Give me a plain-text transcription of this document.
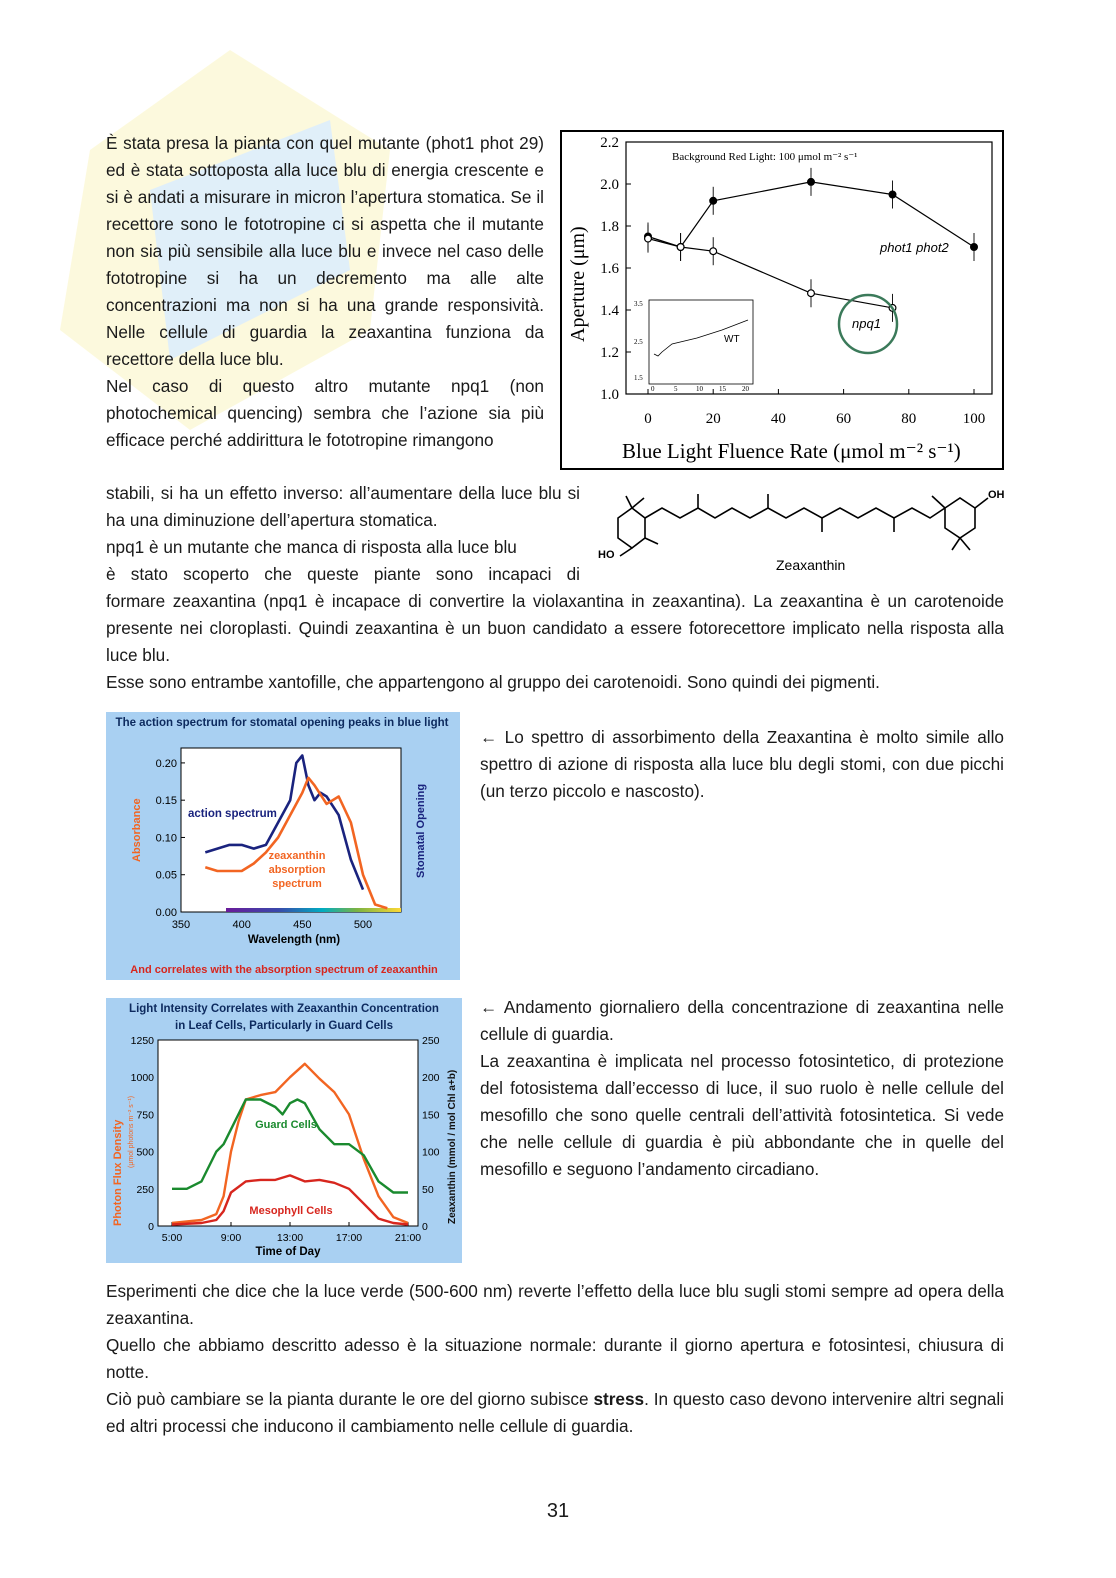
È stata presa la pianta con quel mutante (phot1 phot 29) ed è stata sottoposta alla luce blu di energia crescente e si è andati a misurare in micron l’apertura stomatica. Se il recettore sono le fototropine ci si aspetta che il mutante non sia più sensibile alla luce blu e invece nel caso delle fototropine si ha un decremento ma alle alte concentrazioni ma non si ha una grande responsività. Nelle cellule di guardia la zeaxantina funziona da recettore della luce blu.

Nel caso di questo altro mutante npq1 (non photochemical quencing) sembra che l’azione sia più efficace perché addirittura le fototropine rimangono

stabili, si ha un effetto inverso: all’aumentare della luce blu si ha una diminuzione dell’apertura stomatica.

npq1 è un mutante che manca di risposta alla luce blu

è stato scoperto che queste piante sono incapaci di

formare zeaxantina (npq1 è incapace di convertire la violaxantina in zeaxantina). La zeaxantina è un carotenoide presente nei cloroplasti. Quindi zeaxantina è un buon candidato a essere fotorecettore implicato nella risposta alla luce blu.

Esse sono entrambe xantofille, che appartengono al gruppo dei carotenoidi. Sono quindi dei pigmenti.

Background Red Light: 100 μmol m⁻² s⁻¹
2.2
2.0
1.8
1.6
1.4
1.2
1.0
0	20	40	60	80	100
Aperture (μm)
Blue Light Fluence Rate (μmol m⁻² s⁻¹)
phot1 phot2
npq1
3.5
2.5
1.5
0	5	10 15 20
WT
OH
HO
Zeaxanthin
The action spectrum for stomatal opening peaks in blue light
0.20
0.15
0.10
0.05
0.00
350	400	450	500
Absorbance	Stomatal Opening
Wavelength (nm)
action spectrum
zeaxanthin
absorption
spectrum
And correlates with the absorption spectrum of zeaxanthin
Light Intensity Correlates with Zeaxanthin Concentration
in Leaf Cells, Particularly in Guard Cells
1250
1000
750
500
250
0
250
200
150
100
50
0
5:00	9:00	13:00	17:00	21:00
Photon Flux Density (μmol photons m⁻² s⁻¹)	Zeaxanthin (mmol / mol Chl a+b)
Time of Day
Guard Cells
Mesophyll Cells

← Lo spettro di assorbimento della Zeaxantina è molto simile allo spettro di azione di risposta alla luce blu degli stomi, con due picchi (un terzo piccolo e nascosto).

← Andamento giornaliero della concentrazione di zeaxantina nelle cellule di guardia.

La zeaxantina è implicata nel processo fotosintetico, di protezione del fotosistema dall’eccesso di luce, il suo ruolo è nelle cellule del mesofillo che sono quelle centrali dell’attività fotosintetica. Si vede che nelle cellule di guardia è più abbondante che in quelle del mesofillo e seguono l’andamento circadiano.

Esperimenti che dice che la luce verde (500-600 nm) reverte l’effetto della luce blu sugli stomi sempre ad opera della zeaxantina.

Quello che abbiamo descritto adesso è la situazione normale: durante il giorno apertura e fotosintesi, chiusura di notte.

Ciò può cambiare se la pianta durante le ore del giorno subisce stress. In questo caso devono intervenire altri segnali ed altri processi che inducono il cambiamento nelle cellule di guardia.

31
